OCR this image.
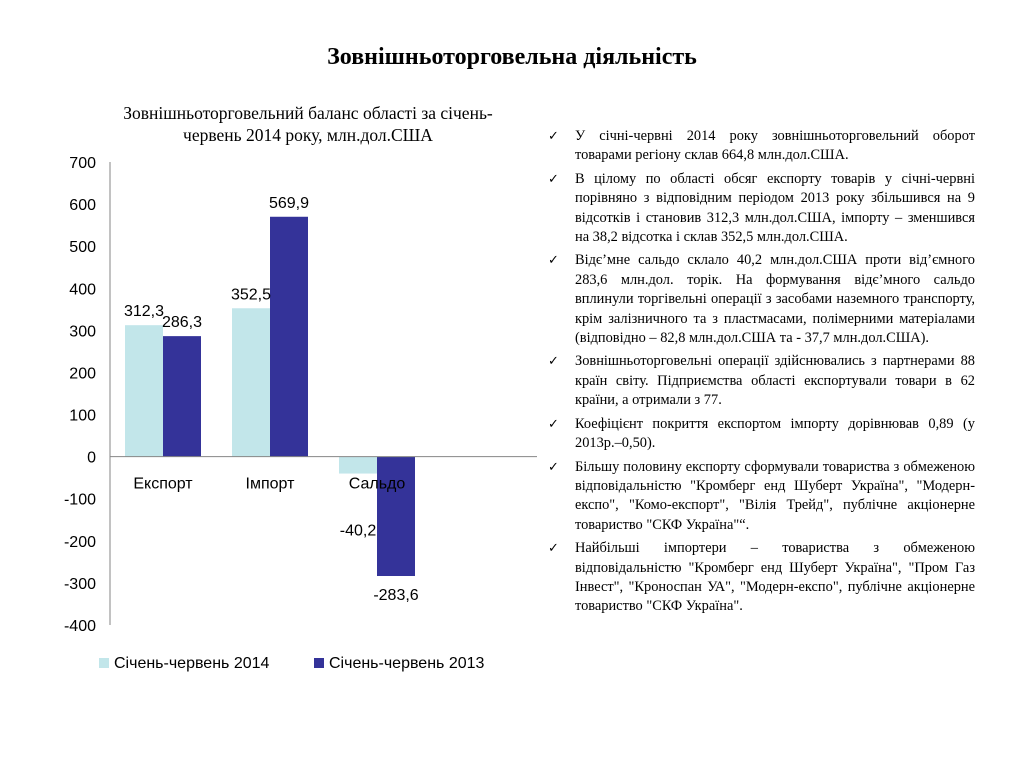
Зовнішньоторговельна діяльність
Зовнішньоторговельний баланс області за січень-
червень 2014 року, млн.дол.США
700
600
500
400
300
200
100
0
-100
-200
-300
-400
Експорт	Імпорт	Сальдо
312,3
286,3
352,5
569,9
-40,2
-283,6
Січень-червень 2014	Січень-червень 2013
✓ У січні-червні 2014 року зовнішньоторговельний оборот товарами регіону склав 664,8 млн.дол.США.
✓ В цілому по області обсяг експорту товарів у січні-червні порівняно з відповідним періодом 2013 року збільшився на 9 відсотків і становив 312,3 млн.дол.США, імпорту – зменшився на 38,2 відсотка і склав 352,5 млн.дол.США.
✓ Відє’мне сальдо склало 40,2 млн.дол.США проти від’ємного 283,6 млн.дол. торік. На формування відє’много сальдо вплинули торгівельні операції з засобами наземного транспорту, крім залізничного та з пластмасами, полімерними матеріалами (відповідно – 82,8 млн.дол.США та - 37,7 млн.дол.США).
✓ Зовнішньоторговельні операції здійснювались з партнерами 88 країн світу. Підприємства області експортували товари в 62 країни, а отримали з 77.
✓ Коефіцієнт покриття експортом імпорту дорівнював 0,89 (у 2013р.–0,50).
✓ Більшу половину експорту сформували товариства з обмеженою відповідальністю "Кромберг енд Шуберт Україна", "Модерн-експо", "Комо-експорт", "Вілія Трейд", публічне акціонерне товариство "СКФ Україна"“.
✓ Найбільші імпортери – товариства з обмеженою відповідальністю "Кромберг енд Шуберт Україна", "Пром Газ Інвест", "Кроноспан УА", "Модерн-експо", публічне акціонерне товариство "СКФ Україна".
